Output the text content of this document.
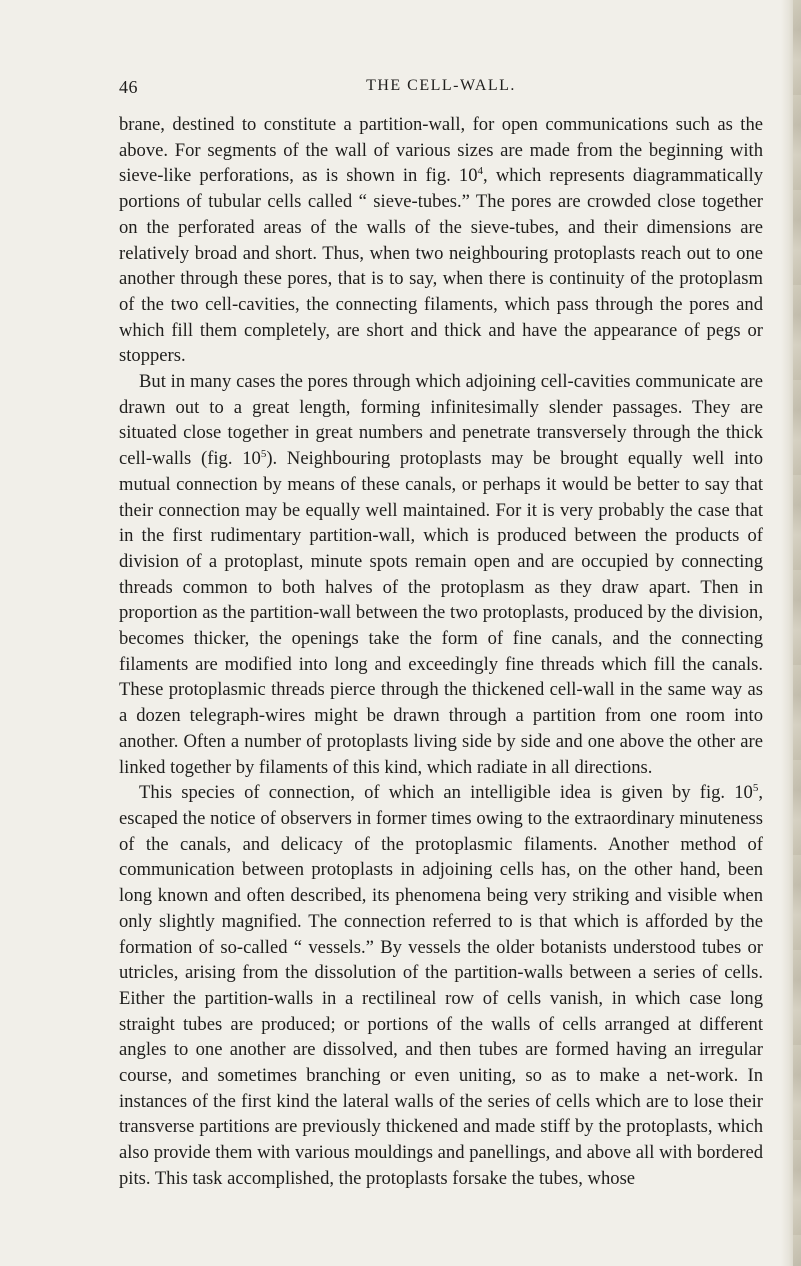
THE CELL-WALL.
46

brane, destined to constitute a partition-wall, for open communications such as the above. For segments of the wall of various sizes are made from the beginning with sieve-like perforations, as is shown in fig. $10^4$, which represents diagrammatically portions of tubular cells called “ sieve-tubes.” The pores are crowded close together on the perforated areas of the walls of the sieve-tubes, and their dimensions are relatively broad and short. Thus, when two neighbouring protoplasts reach out to one another through these pores, that is to say, when there is continuity of the protoplasm of the two cell-cavities, the connecting filaments, which pass through the pores and which fill them completely, are short and thick and have the appearance of pegs or stoppers.

But in many cases the pores through which adjoining cell-cavities communicate are drawn out to a great length, forming infinitesimally slender passages. They are situated close together in great numbers and penetrate transversely through the thick cell-walls (fig. $10^5$). Neighbouring protoplasts may be brought equally well into mutual connection by means of these canals, or perhaps it would be better to say that their connection may be equally well maintained. For it is very probably the case that in the first rudimentary partition-wall, which is produced between the products of division of a protoplast, minute spots remain open and are occupied by connecting threads common to both halves of the protoplasm as they draw apart. Then in proportion as the partition-wall between the two protoplasts, produced by the division, becomes thicker, the openings take the form of fine canals, and the connecting filaments are modified into long and exceedingly fine threads which fill the canals. These protoplasmic threads pierce through the thickened cell-wall in the same way as a dozen telegraph-wires might be drawn through a partition from one room into another. Often a number of protoplasts living side by side and one above the other are linked together by filaments of this kind, which radiate in all directions.

This species of connection, of which an intelligible idea is given by fig. $10^5$, escaped the notice of observers in former times owing to the extraordinary minuteness of the canals, and delicacy of the protoplasmic filaments. Another method of communication between protoplasts in adjoining cells has, on the other hand, been long known and often described, its phenomena being very striking and visible when only slightly magnified. The connection referred to is that which is afforded by the formation of so-called “ vessels.” By vessels the older botanists understood tubes or utricles, arising from the dissolution of the partition-walls between a series of cells. Either the partition-walls in a rectilineal row of cells vanish, in which case long straight tubes are produced; or portions of the walls of cells arranged at different angles to one another are dissolved, and then tubes are formed having an irregular course, and sometimes branching or even uniting, so as to make a net-work. In instances of the first kind the lateral walls of the series of cells which are to lose their transverse partitions are previously thickened and made stiff by the protoplasts, which also provide them with various mouldings and panellings, and above all with bordered pits. This task accomplished, the protoplasts forsake the tubes, whose
